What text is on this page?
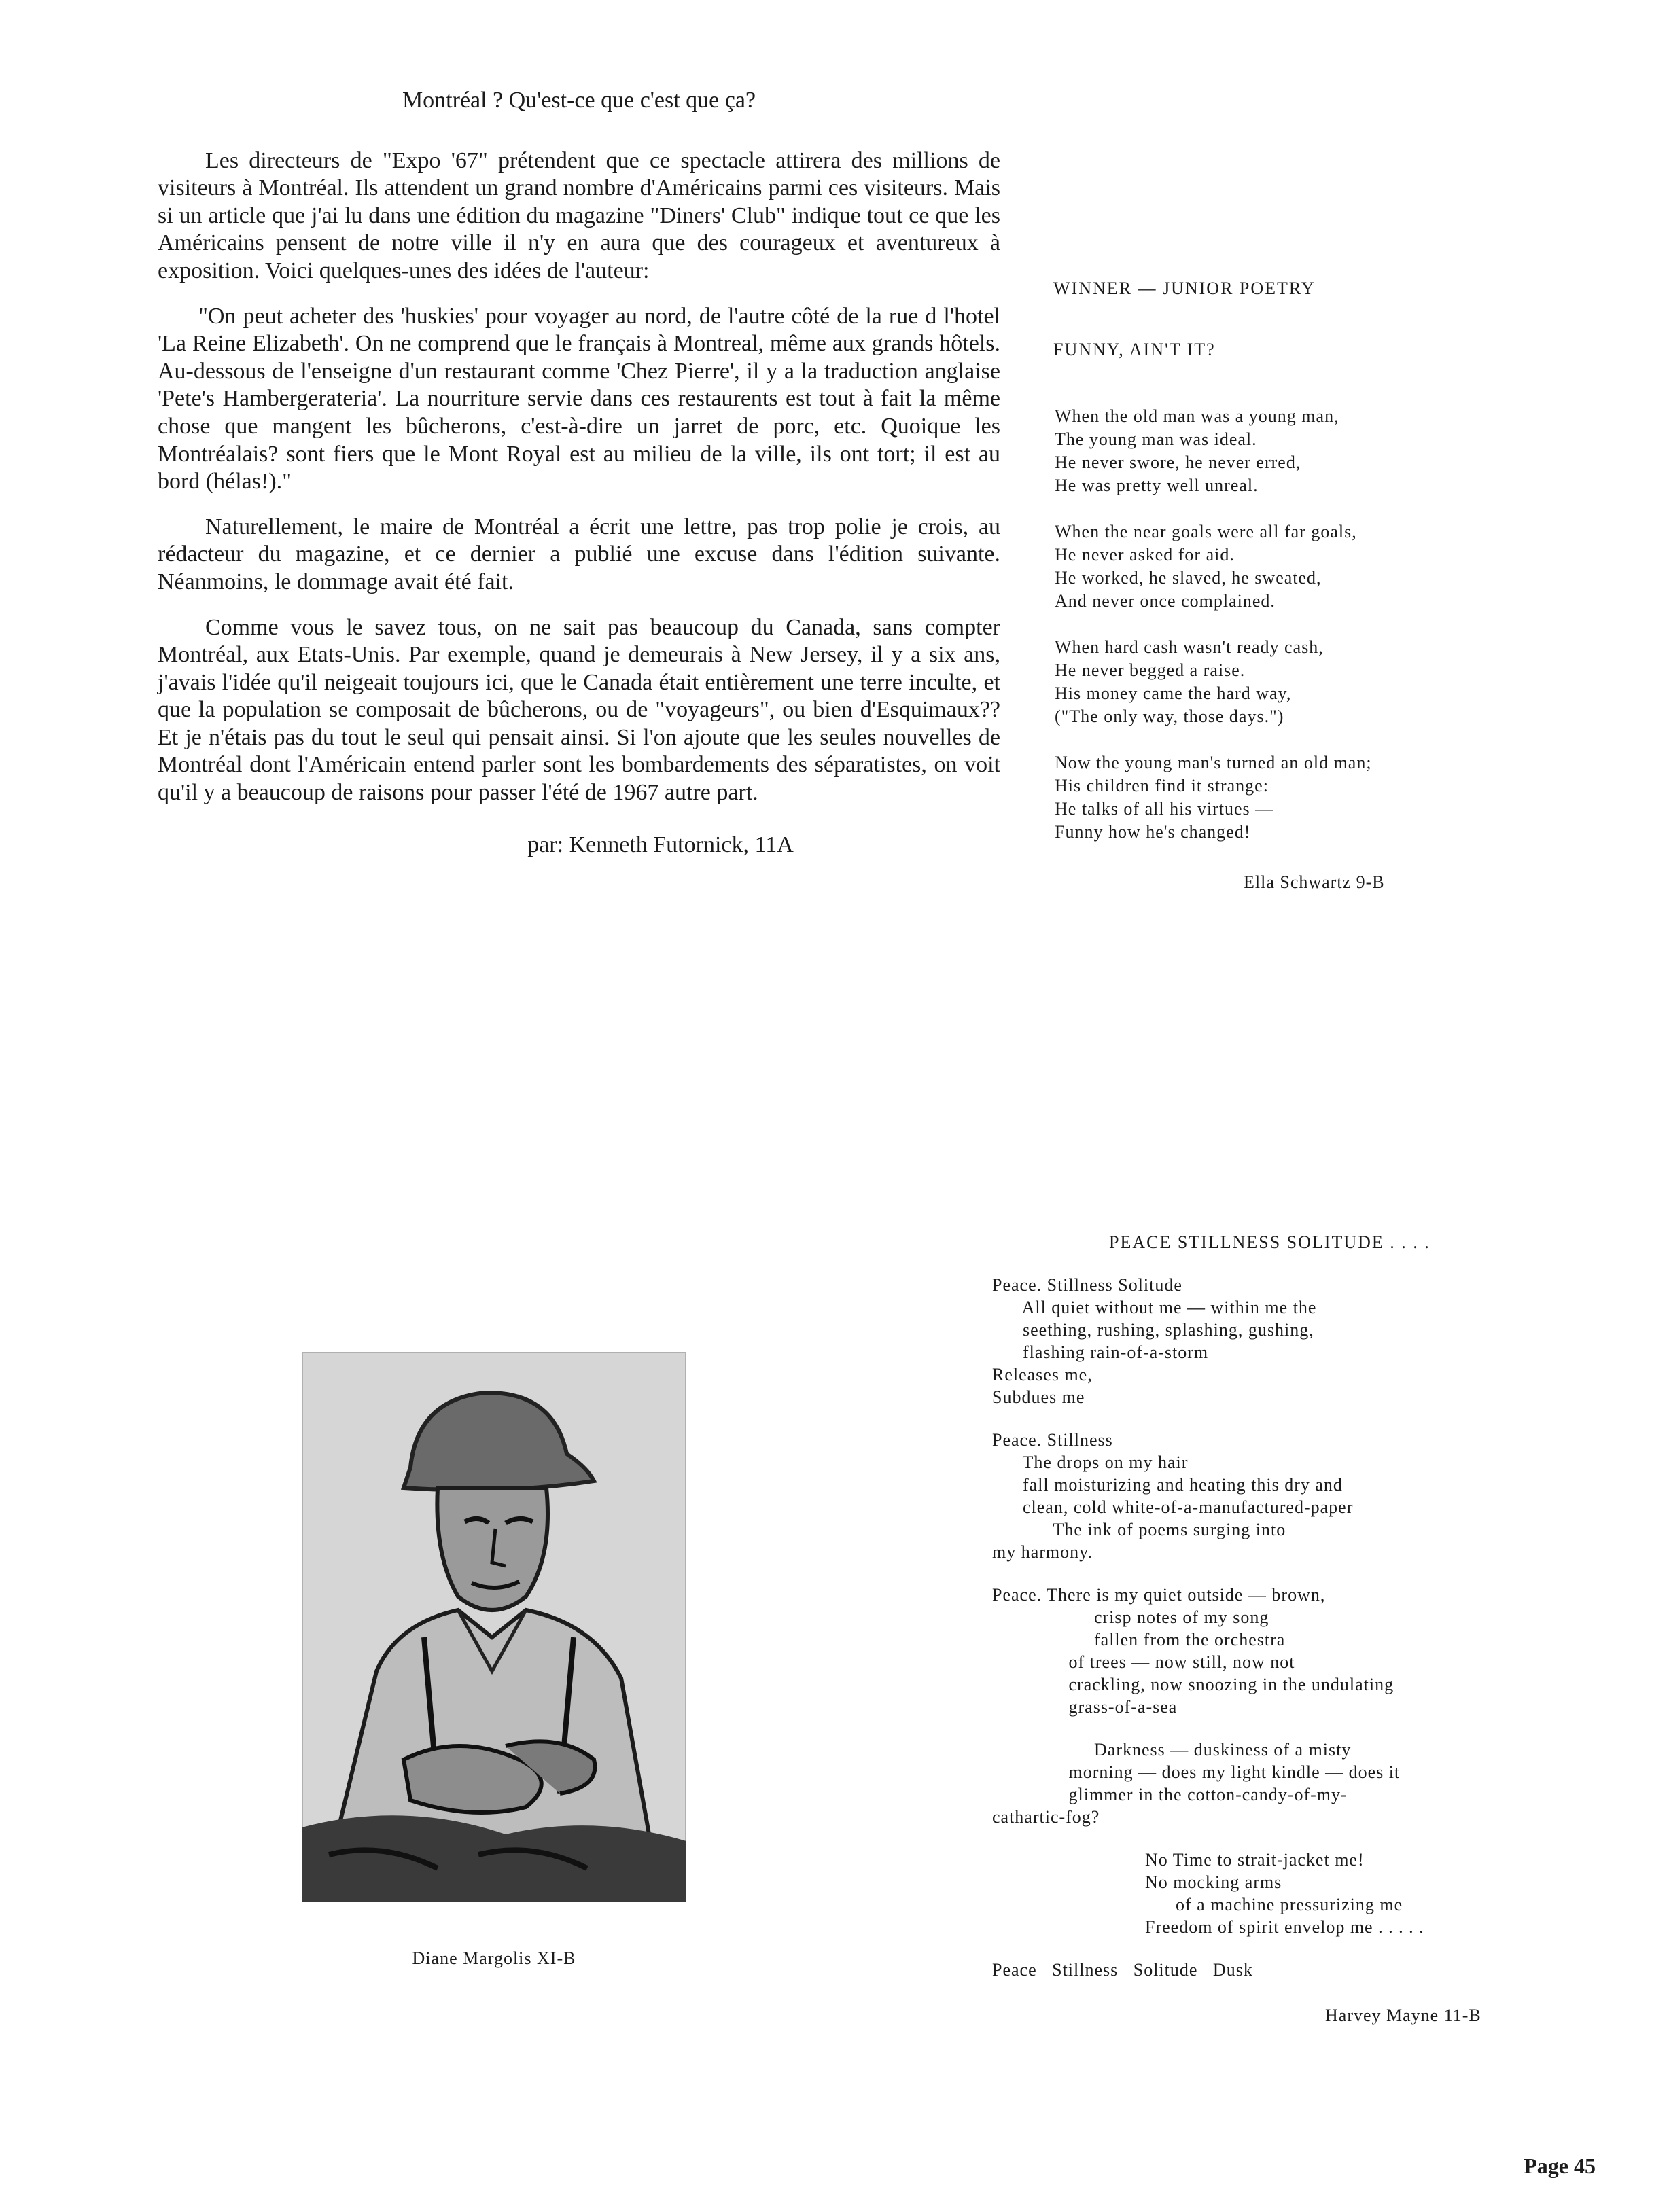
Montréal ? Qu'est-ce que c'est que ça?

Les directeurs de "Expo '67" prétendent que ce spectacle attirera des millions de visiteurs à Montréal. Ils attendent un grand nombre d'Américains parmi ces visiteurs. Mais si un article que j'ai lu dans une édition du magazine "Diners' Club" indique tout ce que les Américains pensent de notre ville il n'y en aura que des courageux et aventureux à exposition. Voici quelques-unes des idées de l'auteur:

"On peut acheter des 'huskies' pour voyager au nord, de l'autre côté de la rue d l'hotel 'La Reine Elizabeth'. On ne comprend que le français à Montreal, même aux grands hôtels. Au-dessous de l'enseigne d'un restaurant comme 'Chez Pierre', il y a la traduction anglaise 'Pete's Hambergerateria'. La nourriture servie dans ces restaurents est tout à fait la même chose que mangent les bûcherons, c'est-à-dire un jarret de porc, etc. Quoique les Montréalais? sont fiers que le Mont Royal est au milieu de la ville, ils ont tort; il est au bord (hélas!)."

Naturellement, le maire de Montréal a écrit une lettre, pas trop polie je crois, au rédacteur du magazine, et ce dernier a publié une excuse dans l'édition suivante. Néanmoins, le dommage avait été fait.

Comme vous le savez tous, on ne sait pas beaucoup du Canada, sans compter Montréal, aux Etats-Unis. Par exemple, quand je demeurais à New Jersey, il y a six ans, j'avais l'idée qu'il neigeait toujours ici, que le Canada était entièrement une terre inculte, et que la population se composait de bûcherons, ou de "voyageurs", ou bien d'Esquimaux?? Et je n'étais pas du tout le seul qui pensait ainsi. Si l'on ajoute que les seules nouvelles de Montréal dont l'Américain entend parler sont les bombardements des séparatistes, on voit qu'il y a beaucoup de raisons pour passer l'été de 1967 autre part.

par: Kenneth Futornick, 11A
WINNER — JUNIOR POETRY
FUNNY, AIN'T IT?
When the old man was a young man,
The young man was ideal.
He never swore, he never erred,
He was pretty well unreal.
When the near goals were all far goals,
He never asked for aid.
He worked, he slaved, he sweated,
And never once complained.
When hard cash wasn't ready cash,
He never begged a raise.
His money came the hard way,
("The only way, those days.")
Now the young man's turned an old man;
His children find it strange:
He talks of all his virtues —
Funny how he's changed!
Ella Schwartz 9-B
PEACE STILLNESS SOLITUDE . . . .
Peace. Stillness Solitude
All quiet without me — within me the
seething, rushing, splashing, gushing,
flashing rain-of-a-storm
Releases me,
Subdues me
Peace. Stillness
The drops on my hair
fall moisturizing and heating this dry and
clean, cold white-of-a-manufactured-paper
The ink of poems surging into
my harmony.
Peace. There is my quiet outside — brown,
crisp notes of my song
fallen from the orchestra
of trees — now still, now not
crackling, now snoozing in the undulating
grass-of-a-sea
Darkness — duskiness of a misty
morning — does my light kindle — does it
glimmer in the cotton-candy-of-my-
cathartic-fog?
No Time to strait-jacket me!
No mocking arms
of a machine pressurizing me
Freedom of spirit envelop me . . . . .
Peace   Stillness   Solitude   Dusk
Harvey Mayne 11-B
Diane Margolis XI-B
Page 45
